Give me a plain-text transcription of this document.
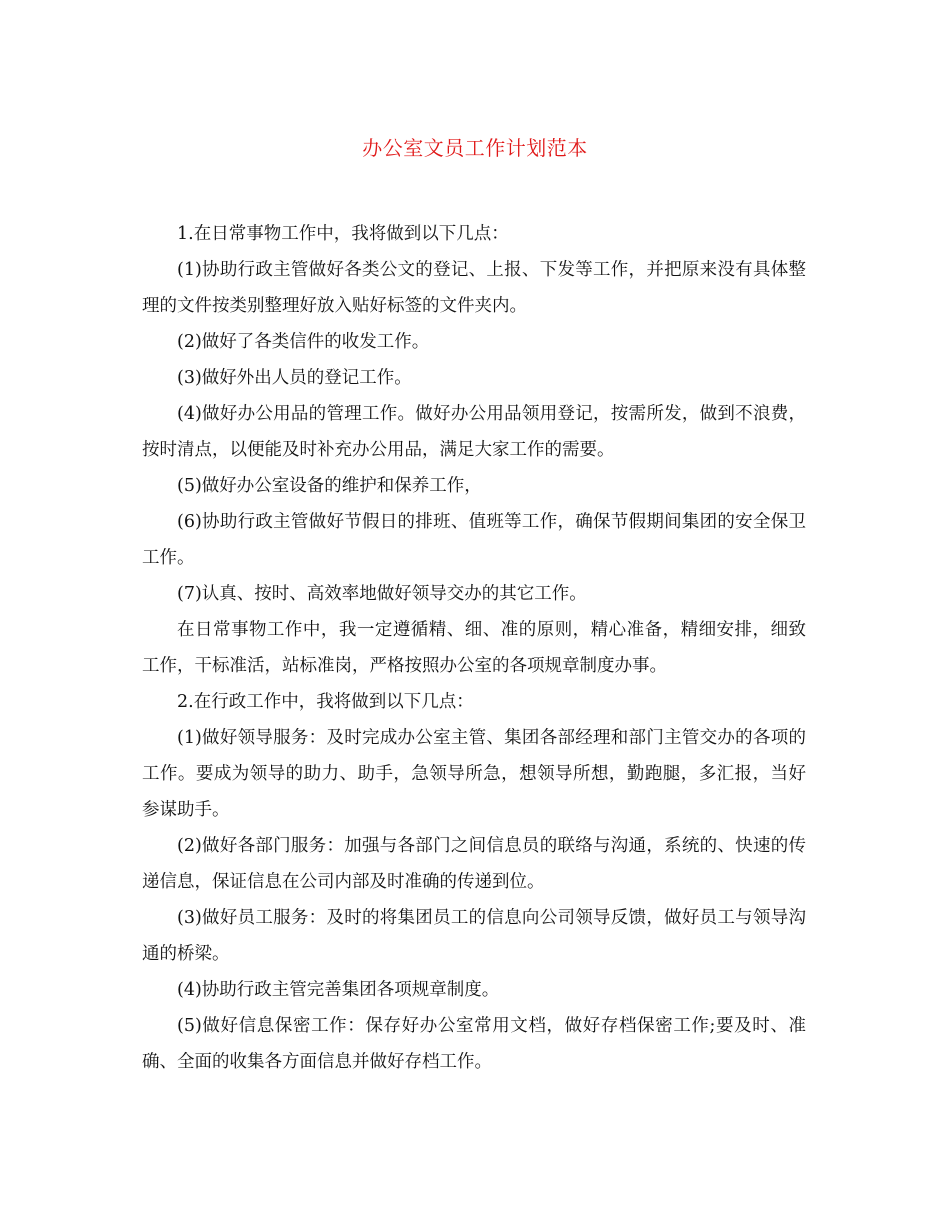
办公室文员工作计划范本

1.在日常事物工作中，我将做到以下几点：

(1)协助行政主管做好各类公文的登记、上报、下发等工作，并把原来没有具体整理的文件按类别整理好放入贴好标签的文件夹内。

(2)做好了各类信件的收发工作。

(3)做好外出人员的登记工作。

(4)做好办公用品的管理工作。做好办公用品领用登记，按需所发，做到不浪费，按时清点，以便能及时补充办公用品，满足大家工作的需要。

(5)做好办公室设备的维护和保养工作，

(6)协助行政主管做好节假日的排班、值班等工作，确保节假期间集团的安全保卫工作。

(7)认真、按时、高效率地做好领导交办的其它工作。

在日常事物工作中，我一定遵循精、细、准的原则，精心准备，精细安排，细致工作，干标准活，站标准岗，严格按照办公室的各项规章制度办事。

2.在行政工作中，我将做到以下几点：

(1)做好领导服务：及时完成办公室主管、集团各部经理和部门主管交办的各项的工作。要成为领导的助力、助手，急领导所急，想领导所想，勤跑腿，多汇报，当好参谋助手。

(2)做好各部门服务：加强与各部门之间信息员的联络与沟通，系统的、快速的传递信息，保证信息在公司内部及时准确的传递到位。

(3)做好员工服务：及时的将集团员工的信息向公司领导反馈，做好员工与领导沟通的桥梁。

(4)协助行政主管完善集团各项规章制度。

(5)做好信息保密工作：保存好办公室常用文档，做好存档保密工作;要及时、准确、全面的收集各方面信息并做好存档工作。
